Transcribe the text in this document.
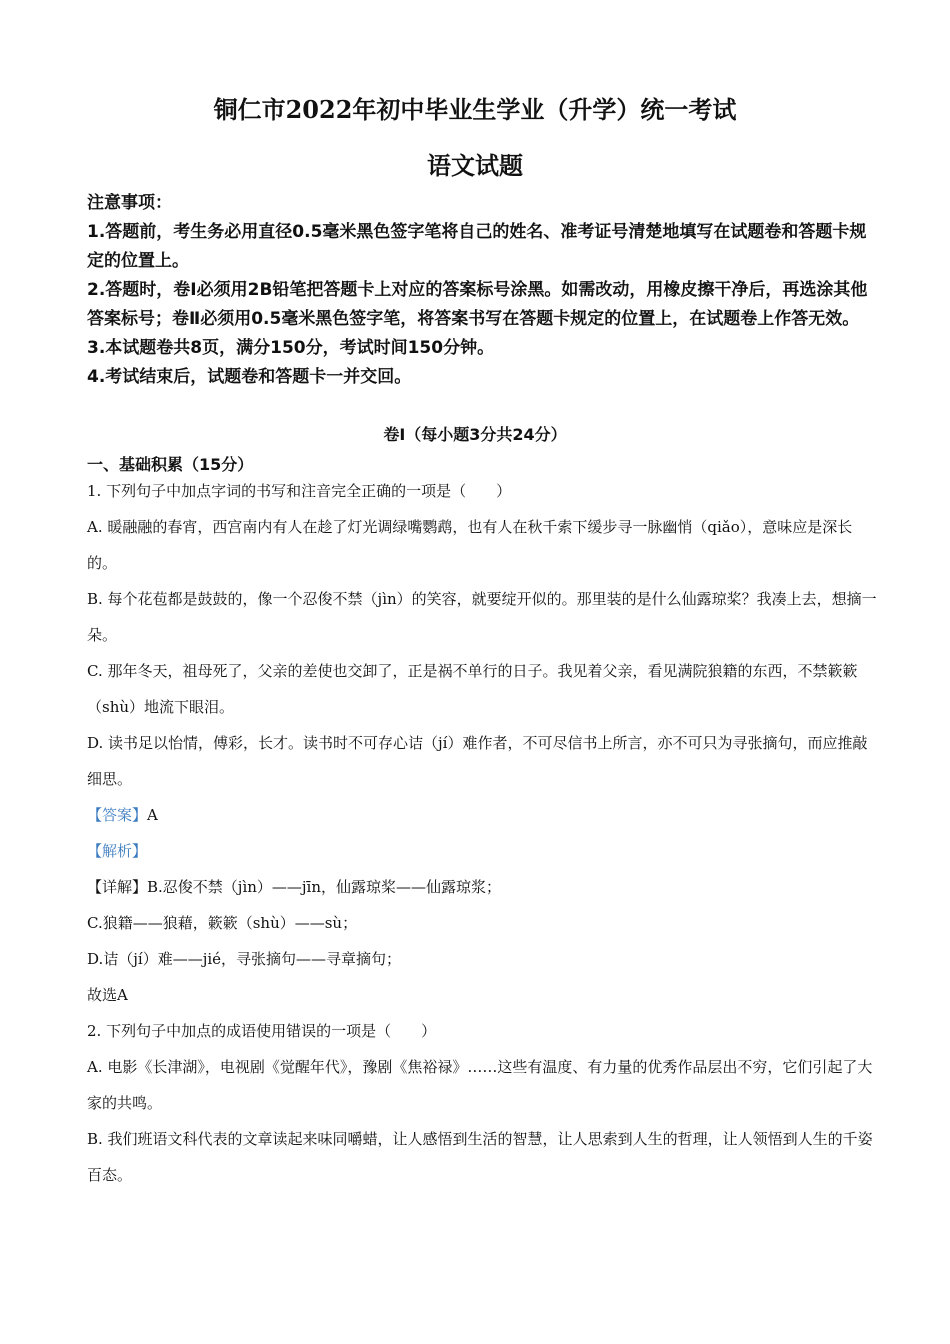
铜仁市2022年初中毕业生学业（升学）统一考试
语文试题

注意事项：

1.答题前，考生务必用直径0.5毫米黑色签字笔将自己的姓名、准考证号清楚地填写在试题卷和答题卡规定的位置上。

2.答题时，卷Ⅰ必须用2B铅笔把答题卡上对应的答案标号涂黑。如需改动，用橡皮擦干净后，再选涂其他答案标号；卷Ⅱ必须用0.5毫米黑色签字笔，将答案书写在答题卡规定的位置上，在试题卷上作答无效。

3.本试题卷共8页，满分150分，考试时间150分钟。

4.考试结束后，试题卷和答题卡一并交回。

卷Ⅰ（每小题3分共24分）
一、基础积累（15分）

1. 下列句子中加点字词的书写和注音完全正确的一项是（　　）

A. 暖融融的春宵，西宫南内有人在趁了灯光调绿嘴鹦鹉，也有人在秋千索下缓步寻一脉幽悄（qiǎo），意味应是深长的。

B. 每个花苞都是鼓鼓的，像一个忍俊不禁（jìn）的笑容，就要绽开似的。那里装的是什么仙露琼桨？我凑上去，想摘一朵。

C. 那年冬天，祖母死了，父亲的差使也交卸了，正是祸不单行的日子。我见着父亲，看见满院狼籍的东西，不禁簌簌（shù）地流下眼泪。

D. 读书足以怡情，傅彩，长才。读书时不可存心诘（jí）难作者，不可尽信书上所言，亦不可只为寻张摘句，而应推敲细思。

【答案】A

【解析】

【详解】B.忍俊不禁（jìn）——jīn，仙露琼桨——仙露琼浆；

C.狼籍——狼藉，簌簌（shù）——sù；

D.诘（jí）难——jié，寻张摘句——寻章摘句；

故选A

2. 下列句子中加点的成语使用错误的一项是（　　）

A. 电影《长津湖》，电视剧《觉醒年代》，豫剧《焦裕禄》……这些有温度、有力量的优秀作品层出不穷，它们引起了大家的共鸣。

B. 我们班语文科代表的文章读起来味同嚼蜡，让人感悟到生活的智慧，让人思索到人生的哲理，让人领悟到人生的千姿百态。
